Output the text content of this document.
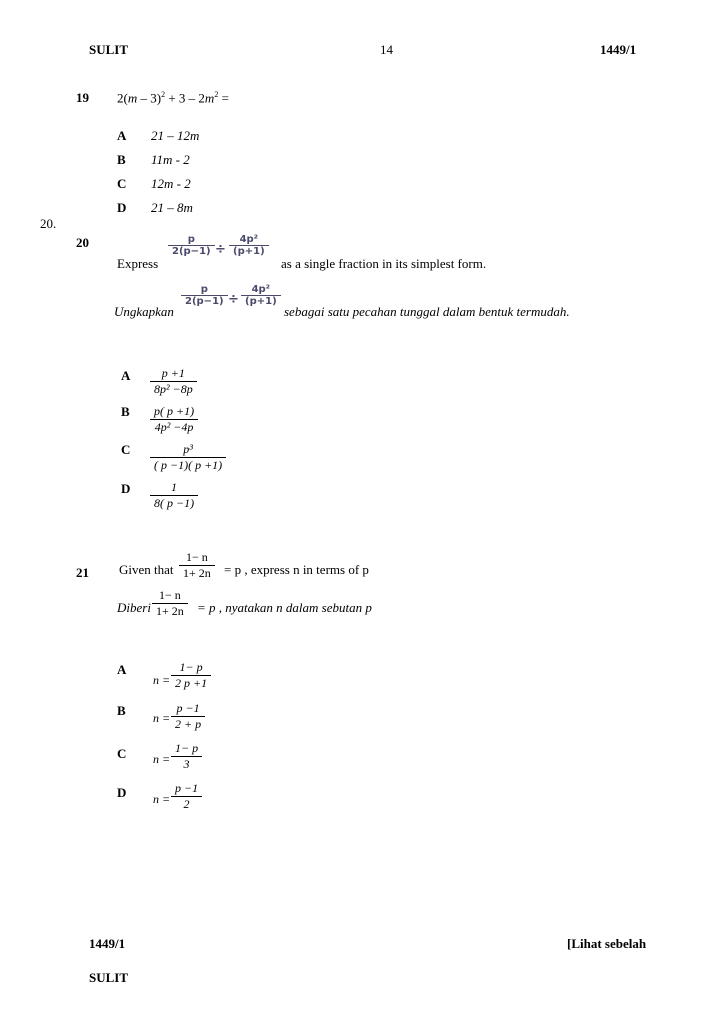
SULIT	14	1449/1
19 $2(m - 3)^2 + 3 - 2m^2$ =
A 21 – 12m
B 11m - 2
C 12m - 2
D 21 – 8m
20.
20
Express
$\frac{p}{2(p-1)} \div \frac{\text{4p²}}{(p+1)}$
as a single fraction in its simplest form.
Ungkapkan
$\frac{p}{2(p-1)} \div \frac{\text{4p²}}{(p+1)}$
sebagai satu pecahan tunggal dalam bentuk termudah.
A $\frac{p +1}{\text{8p² −8p}}$
B $\frac{p( p +1)}{\text{4p² −4p}}$
C $\frac{\text{p³}}{( p -1)( p +1)}$
D $\frac{1}{8( p -1)}$
21 Given that $\frac{1- n}{1+ 2n} = p$ , express n in terms of p
Diberi $\frac{1- n}{1+ 2n} = p$ , nyatakan n dalam sebutan p
A
$n = \frac{1- p}{2 p +1}$
B $n = \frac{p -1}{2 + p}$
C $n = \frac{1- p}{3}$
D $n = \frac{p -1}{2}$
1449/1	[Lihat sebelah
SULIT
